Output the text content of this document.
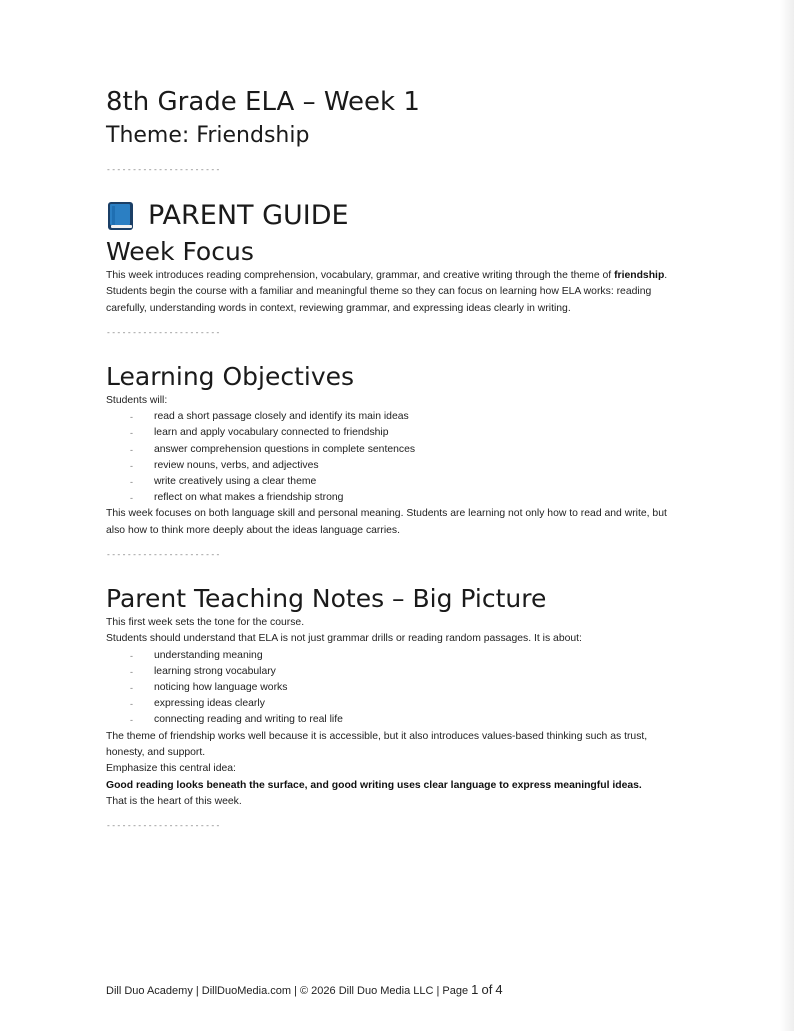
8th Grade ELA – Week 1
Theme: Friendship

----------------------

PARENT GUIDE
Week Focus

This week introduces reading comprehension, vocabulary, grammar, and creative writing through the theme of friendship.

Students begin the course with a familiar and meaningful theme so they can focus on learning how ELA works: reading carefully, understanding words in context, reviewing grammar, and expressing ideas clearly in writing.

----------------------

Learning Objectives

Students will:

- read a short passage closely and identify its main ideas
- learn and apply vocabulary connected to friendship
- answer comprehension questions in complete sentences
- review nouns, verbs, and adjectives
- write creatively using a clear theme
- reflect on what makes a friendship strong

This week focuses on both language skill and personal meaning. Students are learning not only how to read and write, but also how to think more deeply about the ideas language carries.

----------------------

Parent Teaching Notes – Big Picture

This first week sets the tone for the course.

Students should understand that ELA is not just grammar drills or reading random passages. It is about:

- understanding meaning
- learning strong vocabulary
- noticing how language works
- expressing ideas clearly
- connecting reading and writing to real life

The theme of friendship works well because it is accessible, but it also introduces values-based thinking such as trust, honesty, and support.

Emphasize this central idea:

Good reading looks beneath the surface, and good writing uses clear language to express meaningful ideas.

That is the heart of this week.

----------------------

Dill Duo Academy | DillDuoMedia.com | © 2026 Dill Duo Media LLC | Page 1 of 4
